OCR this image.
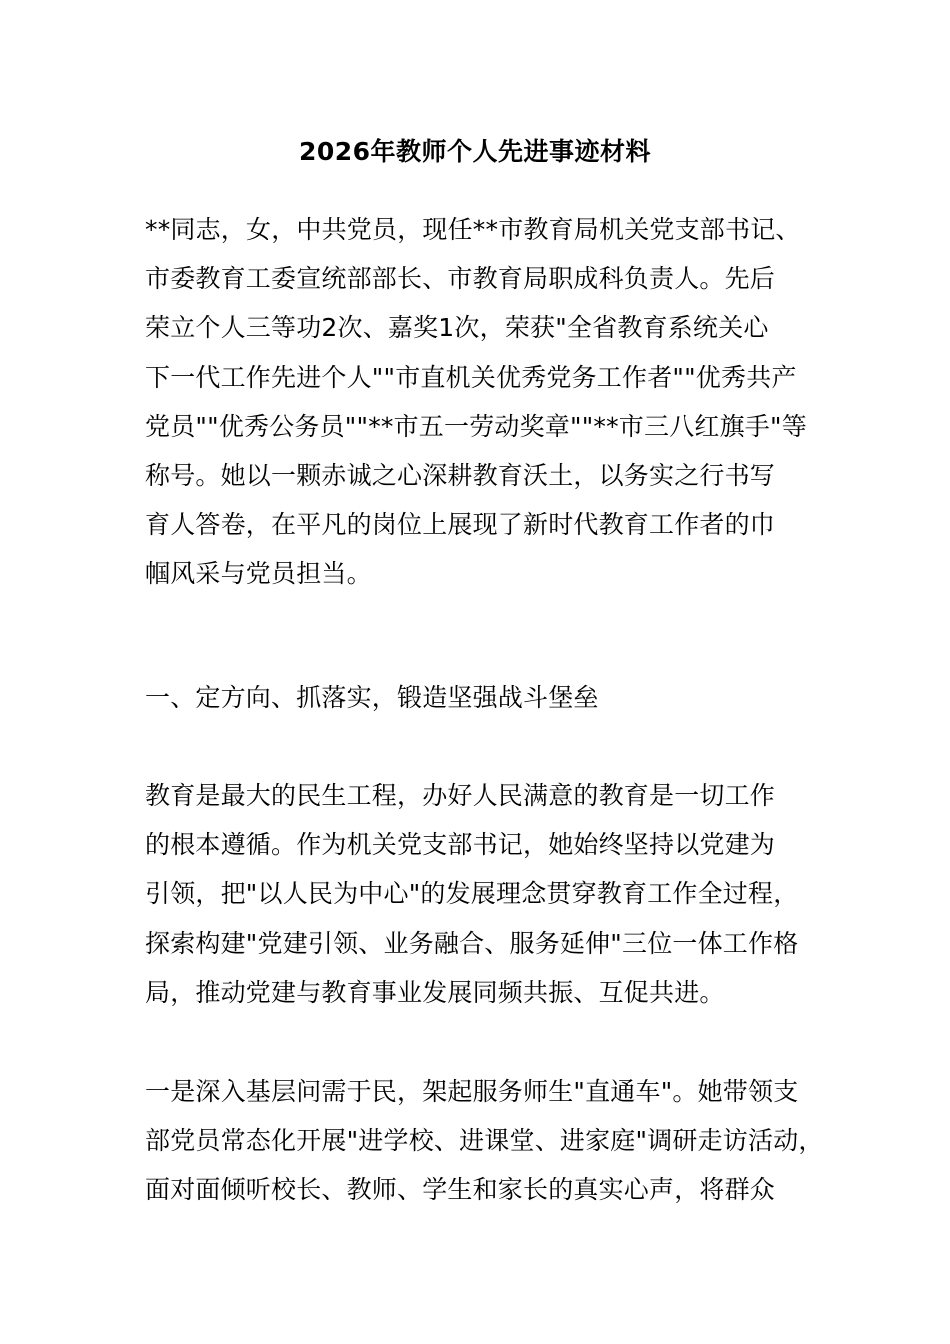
2026年教师个人先进事迹材料

**同志，女，中共党员，现任**市教育局机关党支部书记、
市委教育工委宣统部部长、市教育局职成科负责人。先后
荣立个人三等功2次、嘉奖1次，荣获"全省教育系统关心
下一代工作先进个人""市直机关优秀党务工作者""优秀共产
党员""优秀公务员""**市五一劳动奖章""**市三八红旗手"等
称号。她以一颗赤诚之心深耕教育沃土，以务实之行书写
育人答卷，在平凡的岗位上展现了新时代教育工作者的巾
帼风采与党员担当。

一、定方向、抓落实，锻造坚强战斗堡垒

教育是最大的民生工程，办好人民满意的教育是一切工作
的根本遵循。作为机关党支部书记，她始终坚持以党建为
引领，把"以人民为中心"的发展理念贯穿教育工作全过程，
探索构建"党建引领、业务融合、服务延伸"三位一体工作格
局，推动党建与教育事业发展同频共振、互促共进。

一是深入基层问需于民，架起服务师生"直通车"。她带领支
部党员常态化开展"进学校、进课堂、进家庭"调研走访活动，
面对面倾听校长、教师、学生和家长的真实心声，将群众
